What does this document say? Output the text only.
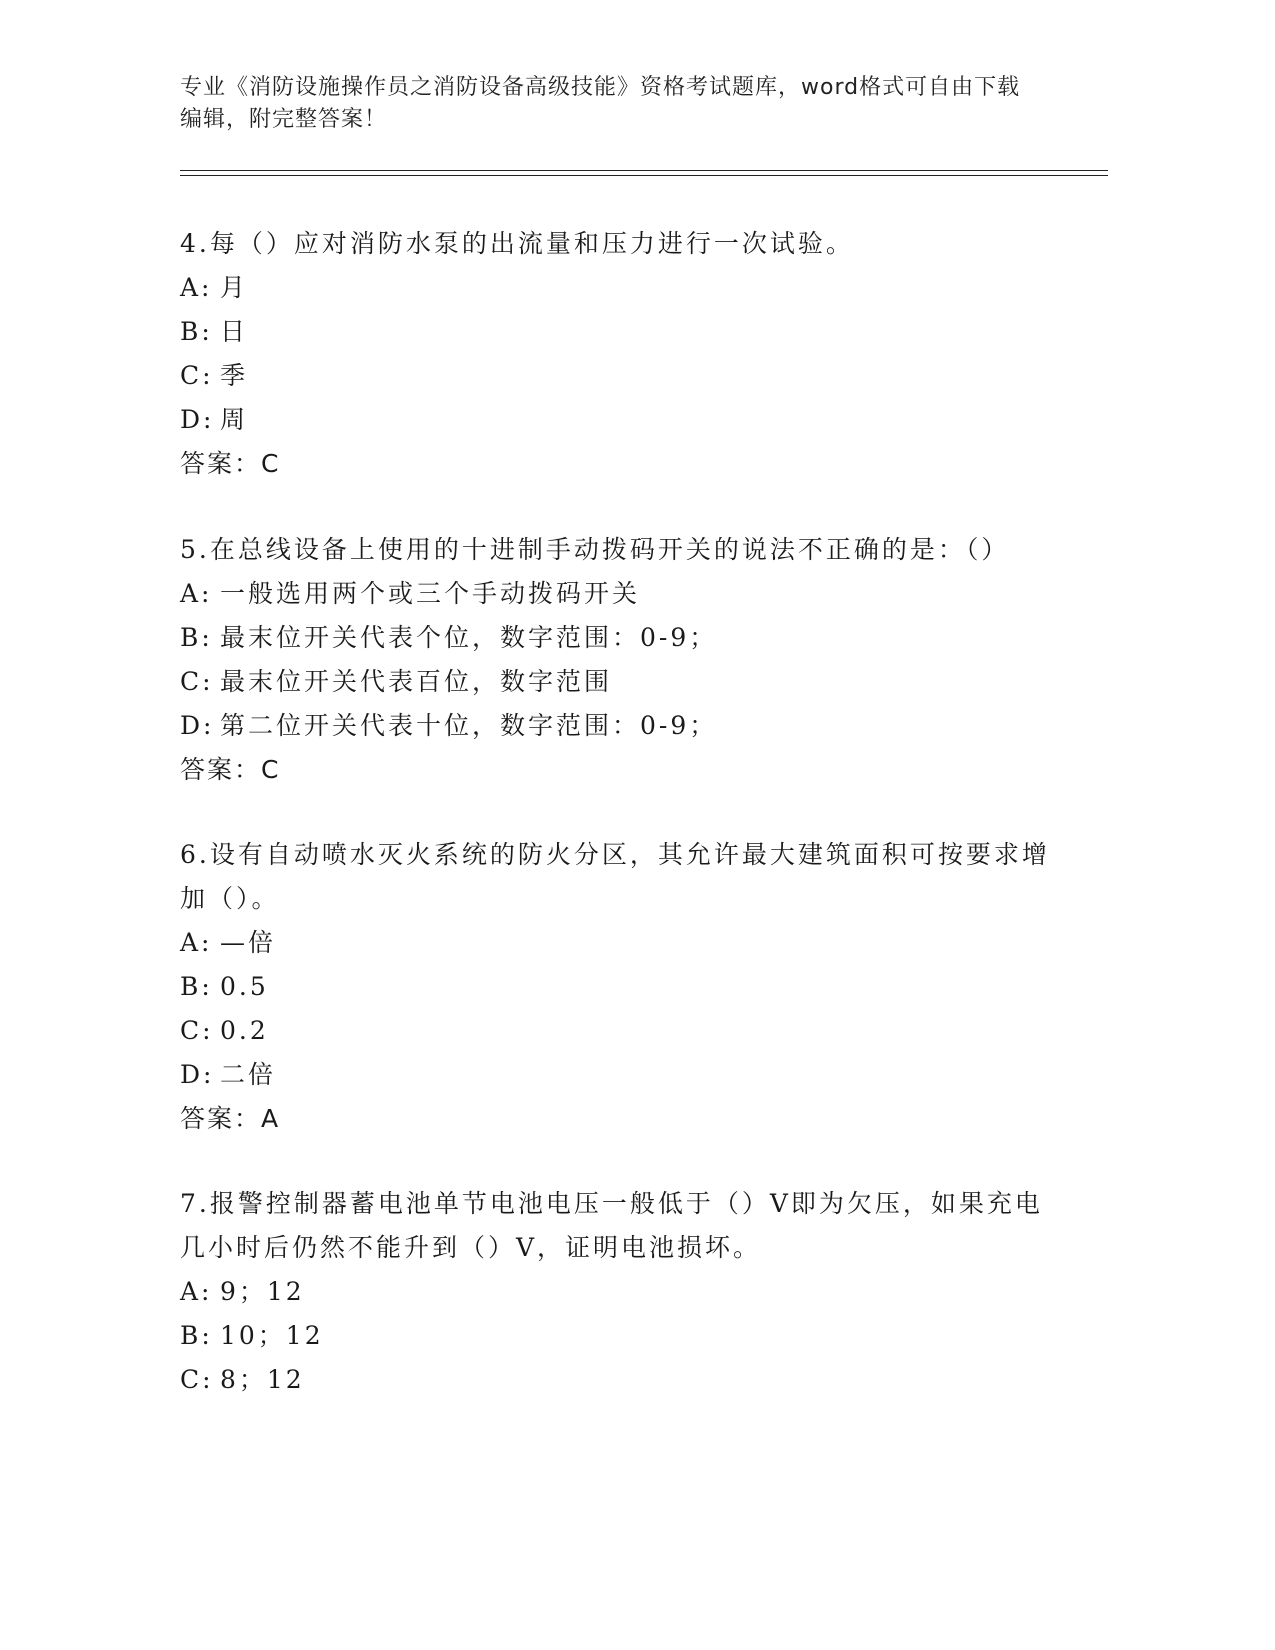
专业《消防设施操作员之消防设备高级技能》资格考试题库，word格式可自由下载编辑，附完整答案！

4.每（）应对消防水泵的出流量和压力进行一次试验。

A: 月

B: 日

C: 季

D: 周

答案：C

5.在总线设备上使用的十进制手动拨码开关的说法不正确的是：（）

A: 一般选用两个或三个手动拨码开关

B: 最末位开关代表个位，数字范围：0-9；

C: 最末位开关代表百位，数字范围

D: 第二位开关代表十位，数字范围：0-9；

答案：C

6.设有自动喷水灭火系统的防火分区，其允许最大建筑面积可按要求增加（）。

A: —倍

B: 0.5

C: 0.2

D: 二倍

答案：A

7.报警控制器蓄电池单节电池电压一般低于（）V即为欠压，如果充电几小时后仍然不能升到（）V，证明电池损坏。

A: 9；12

B: 10；12

C: 8；12
